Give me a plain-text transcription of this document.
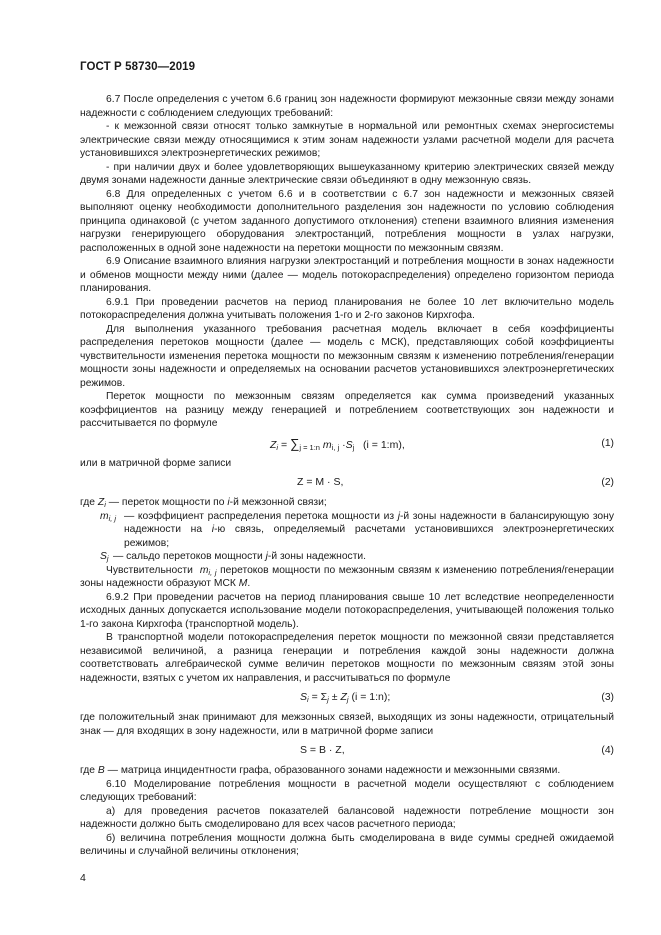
ГОСТ Р 58730—2019

6.7 После определения с учетом 6.6 границ зон надежности формируют межзонные связи между зонами надежности с соблюдением следующих требований:

- к межзонной связи относят только замкнутые в нормальной или ремонтных схемах энергосистемы электрические связи между относящимися к этим зонам надежности узлами расчетной модели для расчета установившихся электроэнергетических режимов;

- при наличии двух и более удовлетворяющих вышеуказанному критерию электрических связей между двумя зонами надежности данные электрические связи объединяют в одну межзонную связь.

6.8 Для определенных с учетом 6.6 и в соответствии с 6.7 зон надежности и межзонных связей выполняют оценку необходимости дополнительного разделения зон надежности по условию соблюдения принципа одинаковой (с учетом заданного допустимого отклонения) степени взаимного влияния изменения нагрузки генерирующего оборудования электростанций, потребления мощности в узлах нагрузки, расположенных в одной зоне надежности на перетоки мощности по межзонным связям.

6.9 Описание взаимного влияния нагрузки электростанций и потребления мощности в зонах надежности и обменов мощности между ними (далее — модель потокораспределения) определено горизонтом периода планирования.

6.9.1 При проведении расчетов на период планирования не более 10 лет включительно модель потокораспределения должна учитывать положения 1-го и 2-го законов Кирхгофа.

Для выполнения указанного требования расчетная модель включает в себя коэффициенты распределения перетоков мощности (далее — модель с МСК), представляющих собой коэффициенты чувствительности изменения перетока мощности по межзонным связям к изменению потребления/генерации мощности зоны надежности и определяемых на основании расчетов установившихся электроэнергетических режимов.

Переток мощности по межзонным связям определяется как сумма произведений указанных коэффициентов на разницу между генерацией и потреблением соответствующих зон надежности и рассчитывается по формуле

$Z_i = \sum_{j = 1:n}$ $m_{i, j} \cdot S_j$ (i = 1:m),	(1)

или в матричной форме записи

Z = M · S,	(2)
где $Z_i$ — переток мощности по i-й межзонной связи;
$m_{i, j}$ — коэффициент распределения перетока мощности из j-й зоны надежности в балансирующую зону надежности на i-ю связь, определяемый расчетами установившихся электроэнергетических режимов;
$S_j$ — сальдо перетоков мощности j-й зоны надежности.

Чувствительности $m_{i, j}$ перетоков мощности по межзонным связям к изменению потребления/генерации зоны надежности образуют МСК M.

6.9.2 При проведении расчетов на период планирования свыше 10 лет вследствие неопределенности исходных данных допускается использование модели потокораспределения, учитывающей положения только 1-го закона Кирхгофа (транспортной модель).

В транспортной модели потокораспределения переток мощности по межзонной связи представляется независимой величиной, а разница генерации и потребления каждой зоны надежности должна соответствовать алгебраической сумме величин перетоков мощности по межзонным связям этой зоны надежности, взятых с учетом их направления, и рассчитываться по формуле

$S_i = \Sigma_j \pm Z_j$ (i = 1:n);	(3)

где положительный знак принимают для межзонных связей, выходящих из зоны надежности, отрицательный знак — для входящих в зону надежности, или в матричной форме записи

S = B · Z,	(4)

где B — матрица инцидентности графа, образованного зонами надежности и межзонными связями.

6.10 Моделирование потребления мощности в расчетной модели осуществляют с соблюдением следующих требований:

а) для проведения расчетов показателей балансовой надежности потребление мощности зон надежности должно быть смоделировано для всех часов расчетного периода;

б) величина потребления мощности должна быть смоделирована в виде суммы средней ожидаемой величины и случайной величины отклонения;

4
